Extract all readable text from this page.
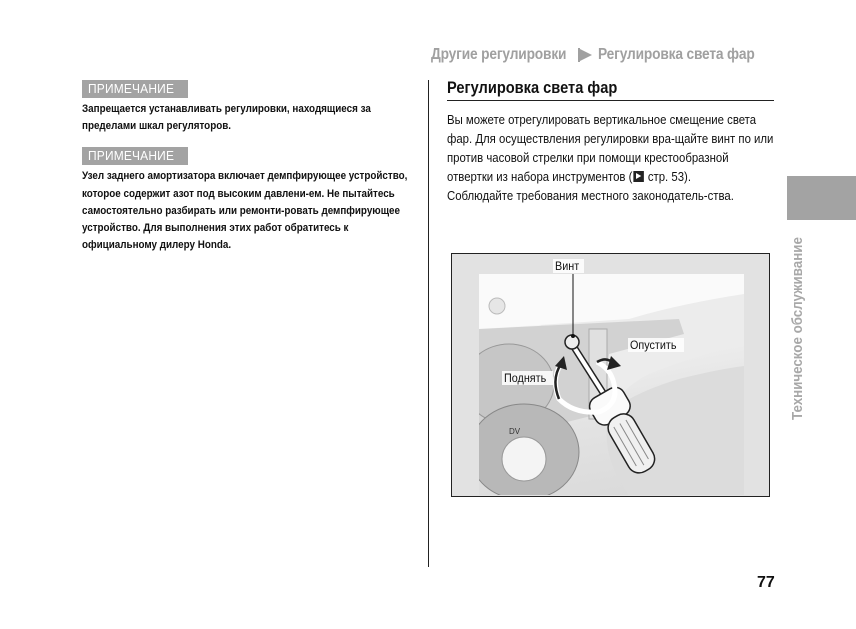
Другие регулировки Регулировка света фар
ПРИМЕЧАНИЕ
Запрещается устанавливать регулировки, находящиеся за пределами шкал регуляторов.
ПРИМЕЧАНИЕ
Узел заднего амортизатора включает демпфирующее устройство, которое содержит азот под высоким давлени-ем. Не пытайтесь самостоятельно разбирать или ремонти-ровать демпфирующее устройство. Для выполнения этих работ обратитесь к официальному дилеру Honda.
Регулировка света фар
Вы можете отрегулировать вертикальное смещение света фар. Для осуществления регулировки вра-щайте винт по или против часовой стрелки при помощи крестообразной отвертки из набора инструментов ( стр. 53).
Соблюдайте требования местного законодатель-ства.
DV
Винт
Опустить
Поднять	Техническое обслуживание
77
